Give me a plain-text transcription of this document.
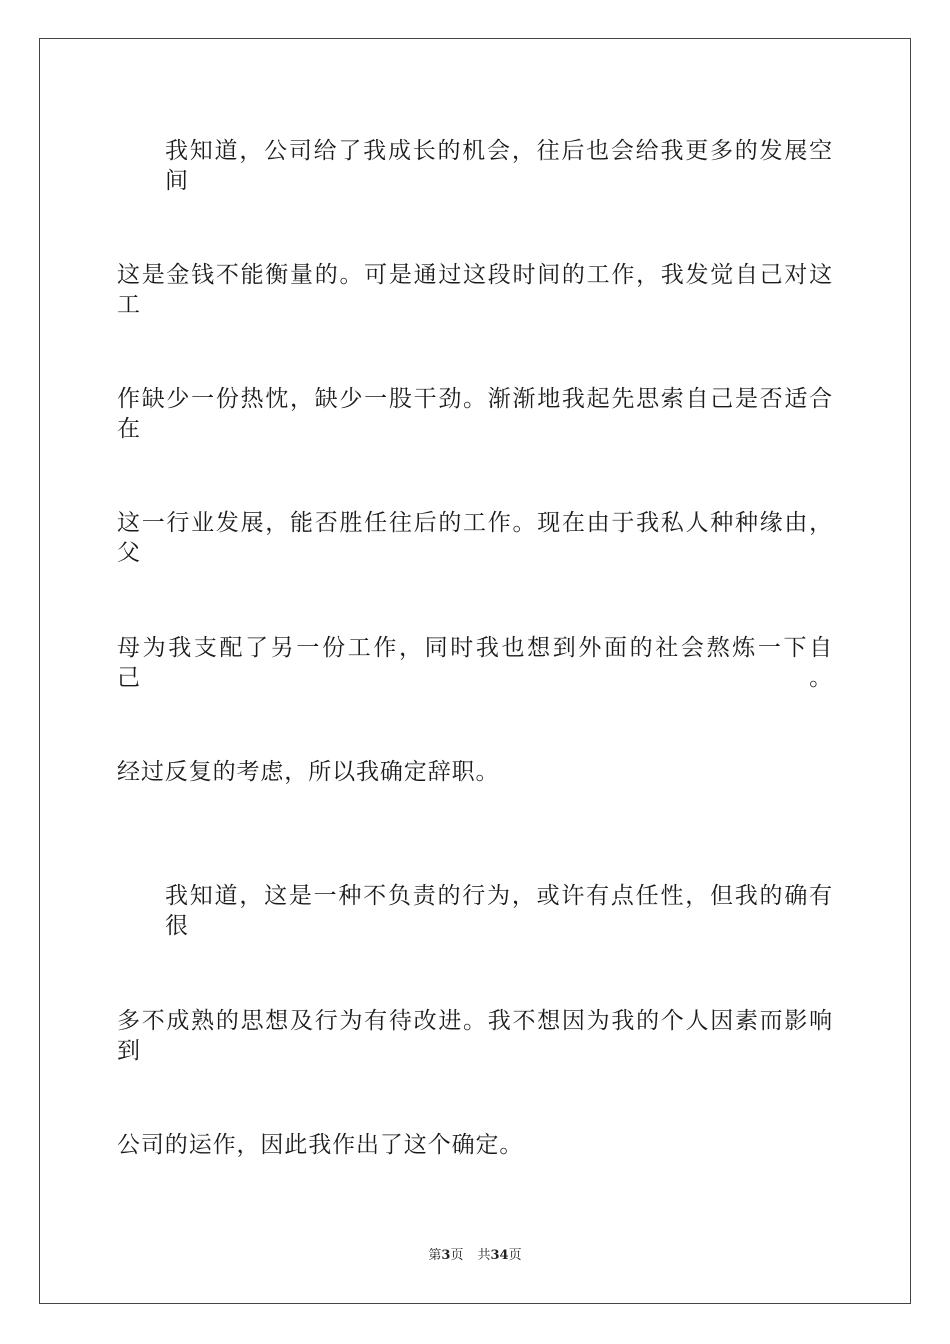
我知道，公司给了我成长的机会，往后也会给我更多的发展空间
这是金钱不能衡量的。可是通过这段时间的工作，我发觉自己对这工
作缺少一份热忱，缺少一股干劲。渐渐地我起先思索自己是否适合在
这一行业发展，能否胜任往后的工作。现在由于我私人种种缘由，父
母为我支配了另一份工作，同时我也想到外面的社会熬炼一下自己。
经过反复的考虑，所以我确定辞职。
我知道，这是一种不负责的行为，或许有点任性，但我的确有很
多不成熟的思想及行为有待改进。我不想因为我的个人因素而影响到
公司的运作，因此我作出了这个确定。
第3页 共34页
